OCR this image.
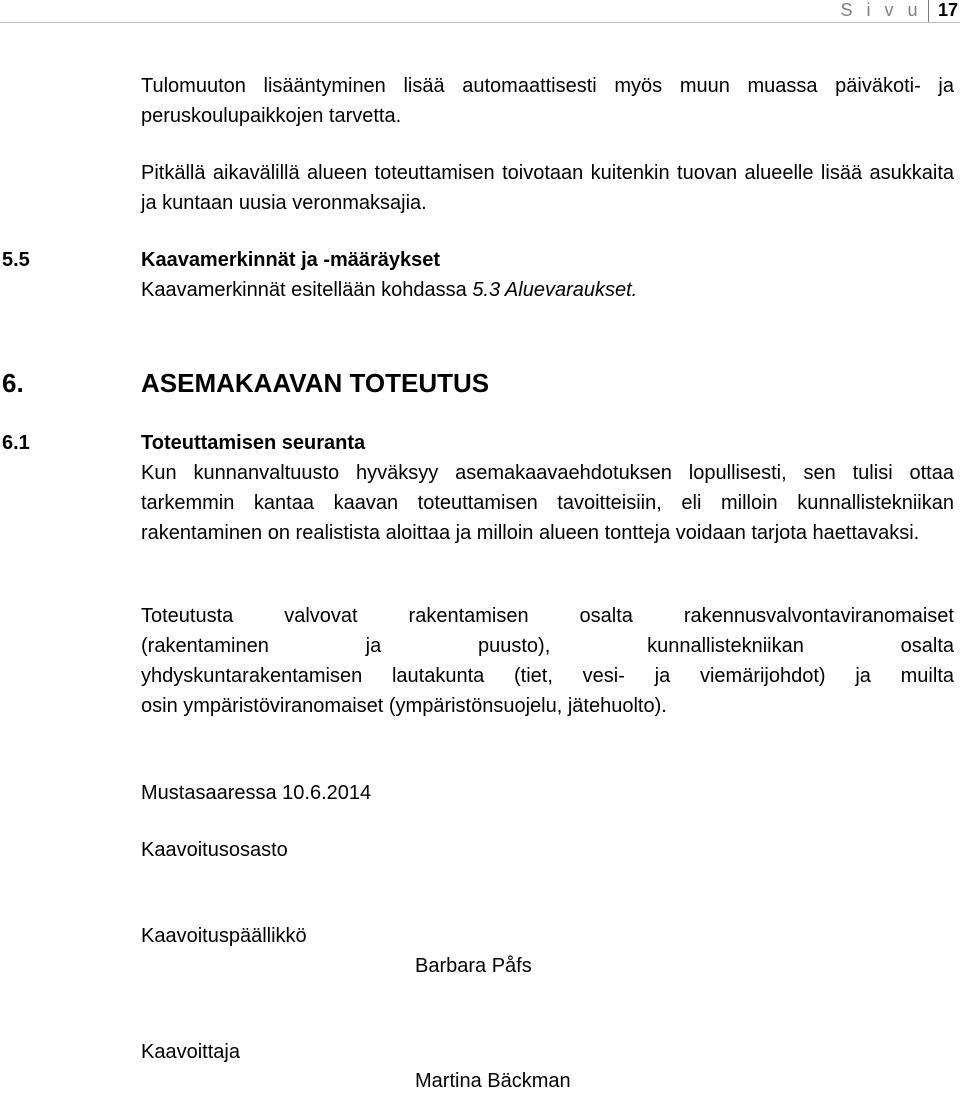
S i v u 17

Tulomuuton lisääntyminen lisää automaattisesti myös muun muassa päiväkoti- ja peruskoulupaikkojen tarvetta.

Pitkällä aikavälillä alueen toteuttamisen toivotaan kuitenkin tuovan alueelle lisää asukkaita ja kuntaan uusia veronmaksajia.

5.5	Kaavamerkinnät ja -määräykset
Kaavamerkinnät esitellään kohdassa 5.3 Aluevaraukset.
6.	ASEMAKAAVAN TOTEUTUS
6.1	Toteuttamisen seuranta

Kun kunnanvaltuusto hyväksyy asemakaavaehdotuksen lopullisesti, sen tulisi ottaa tarkemmin kantaa kaavan toteuttamisen tavoitteisiin, eli milloin kunnallistekniikan rakentaminen on realistista aloittaa ja milloin alueen tontteja voidaan tarjota haettavaksi.

Toteutusta valvovat rakentamisen osalta rakennusvalvontaviranomaiset
(rakentaminen ja puusto), kunnallistekniikan osalta
yhdyskuntarakentamisen lautakunta (tiet, vesi- ja viemärijohdot) ja muilta
osin ympäristöviranomaiset (ympäristönsuojelu, jätehuolto).
Mustasaaressa 10.6.2014
Kaavoitusosasto
Kaavoituspäällikkö
Barbara Påfs
Kaavoittaja
Martina Bäckman
